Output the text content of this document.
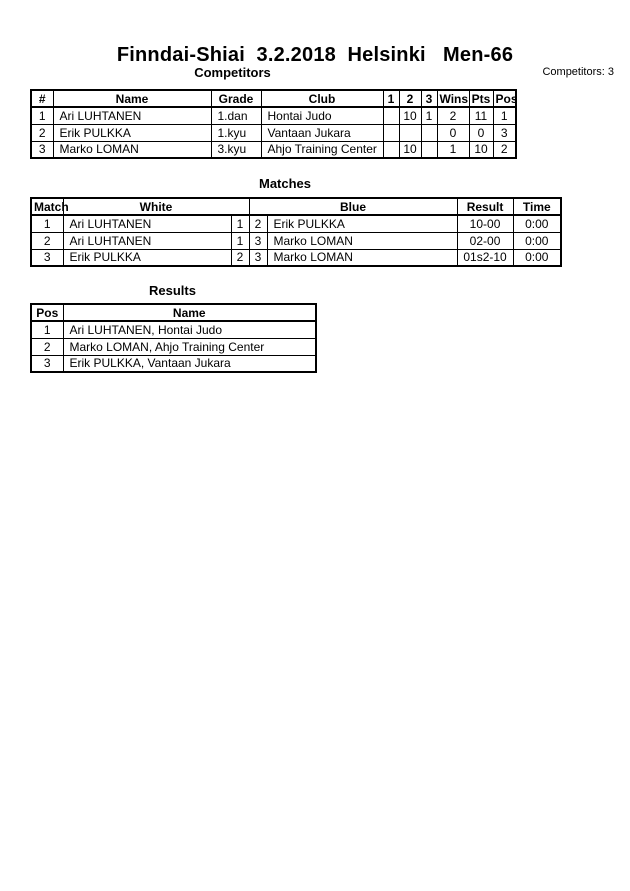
Finndai-Shiai  3.2.2018  Helsinki   Men-66
Competitors: 3
Competitors
#	Name	Grade	Club	1	2	3	Wins	Pts	Pos
1	Ari LUHTANEN	1.dan	Hontai Judo		10	1	2	11	1
2	Erik PULKKA	1.kyu	Vantaan Jukara				0	0	3
3	Marko LOMAN	3.kyu	Ahjo Training Center		10		1	10	2
Matches
Match	White		Blue		Result	Time
1	Ari LUHTANEN	1	2	Erik PULKKA	10-00	0:00
2	Ari LUHTANEN	1	3	Marko LOMAN	02-00	0:00
3	Erik PULKKA	2	3	Marko LOMAN	01s2-10	0:00
Results
Pos	Name
1	Ari LUHTANEN, Hontai Judo
2	Marko LOMAN, Ahjo Training Center
3	Erik PULKKA, Vantaan Jukara
